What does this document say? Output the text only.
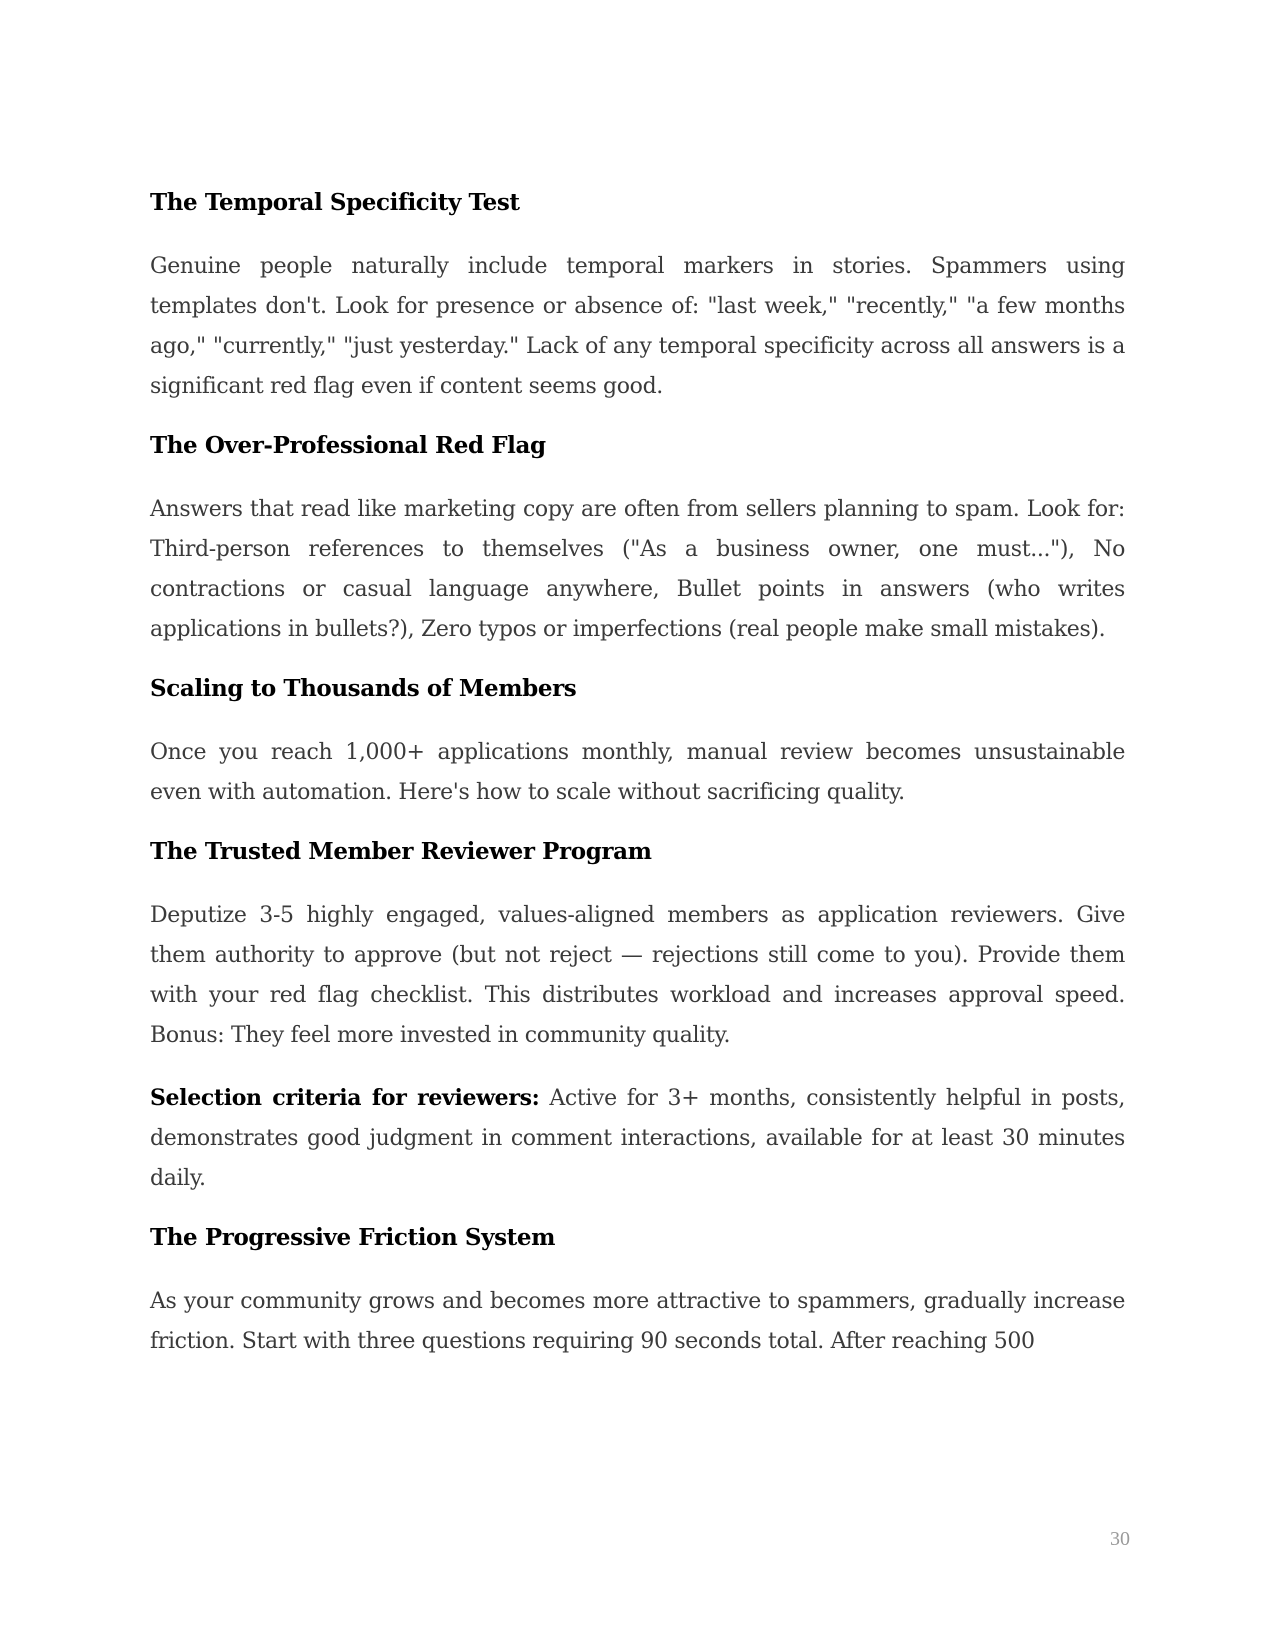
The Temporal Specificity Test

Genuine people naturally include temporal markers in stories. Spammers using templates don't. Look for presence or absence of: "last week," "recently," "a few months ago," "currently," "just yesterday." Lack of any temporal specificity across all answers is a significant red flag even if content seems good.

The Over-Professional Red Flag

Answers that read like marketing copy are often from sellers planning to spam. Look for: Third-person references to themselves ("As a business owner, one must..."), No contractions or casual language anywhere, Bullet points in answers (who writes applications in bullets?), Zero typos or imperfections (real people make small mistakes).

Scaling to Thousands of Members

Once you reach 1,000+ applications monthly, manual review becomes unsustainable even with automation. Here's how to scale without sacrificing quality.

The Trusted Member Reviewer Program

Deputize 3-5 highly engaged, values-aligned members as application reviewers. Give them authority to approve (but not reject — rejections still come to you). Provide them with your red flag checklist. This distributes workload and increases approval speed. Bonus: They feel more invested in community quality.

Selection criteria for reviewers: Active for 3+ months, consistently helpful in posts, demonstrates good judgment in comment interactions, available for at least 30 minutes daily.

The Progressive Friction System

As your community grows and becomes more attractive to spammers, gradually increase friction. Start with three questions requiring 90 seconds total. After reaching 500

30
